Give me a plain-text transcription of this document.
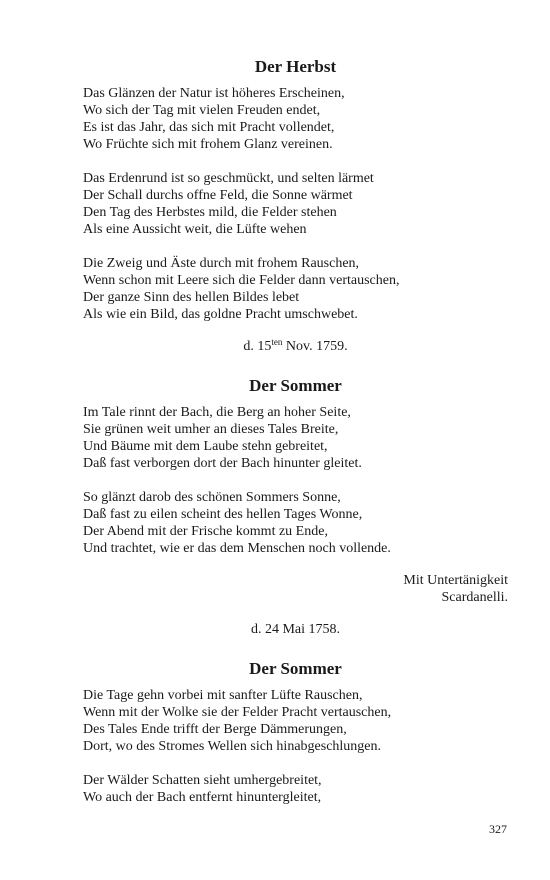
Der Herbst
Das Glänzen der Natur ist höheres Erscheinen,
Wo sich der Tag mit vielen Freuden endet,
Es ist das Jahr, das sich mit Pracht vollendet,
Wo Früchte sich mit frohem Glanz vereinen.
Das Erdenrund ist so geschmückt, und selten lärmet
Der Schall durchs offne Feld, die Sonne wärmet
Den Tag des Herbstes mild, die Felder stehen
Als eine Aussicht weit, die Lüfte wehen
Die Zweig und Äste durch mit frohem Rauschen,
Wenn schon mit Leere sich die Felder dann vertauschen,
Der ganze Sinn des hellen Bildes lebet
Als wie ein Bild, das goldne Pracht umschwebet.
d. $15^{ten}$ Nov. 1759.
Der Sommer
Im Tale rinnt der Bach, die Berg an hoher Seite,
Sie grünen weit umher an dieses Tales Breite,
Und Bäume mit dem Laube stehn gebreitet,
Daß fast verborgen dort der Bach hinunter gleitet.
So glänzt darob des schönen Sommers Sonne,
Daß fast zu eilen scheint des hellen Tages Wonne,
Der Abend mit der Frische kommt zu Ende,
Und trachtet, wie er das dem Menschen noch vollende.
Mit Untertänigkeit
Scardanelli.
d. 24 Mai 1758.
Der Sommer
Die Tage gehn vorbei mit sanfter Lüfte Rauschen,
Wenn mit der Wolke sie der Felder Pracht vertauschen,
Des Tales Ende trifft der Berge Dämmerungen,
Dort, wo des Stromes Wellen sich hinabgeschlungen.
Der Wälder Schatten sieht umhergebreitet,
Wo auch der Bach entfernt hinuntergleitet,
327
